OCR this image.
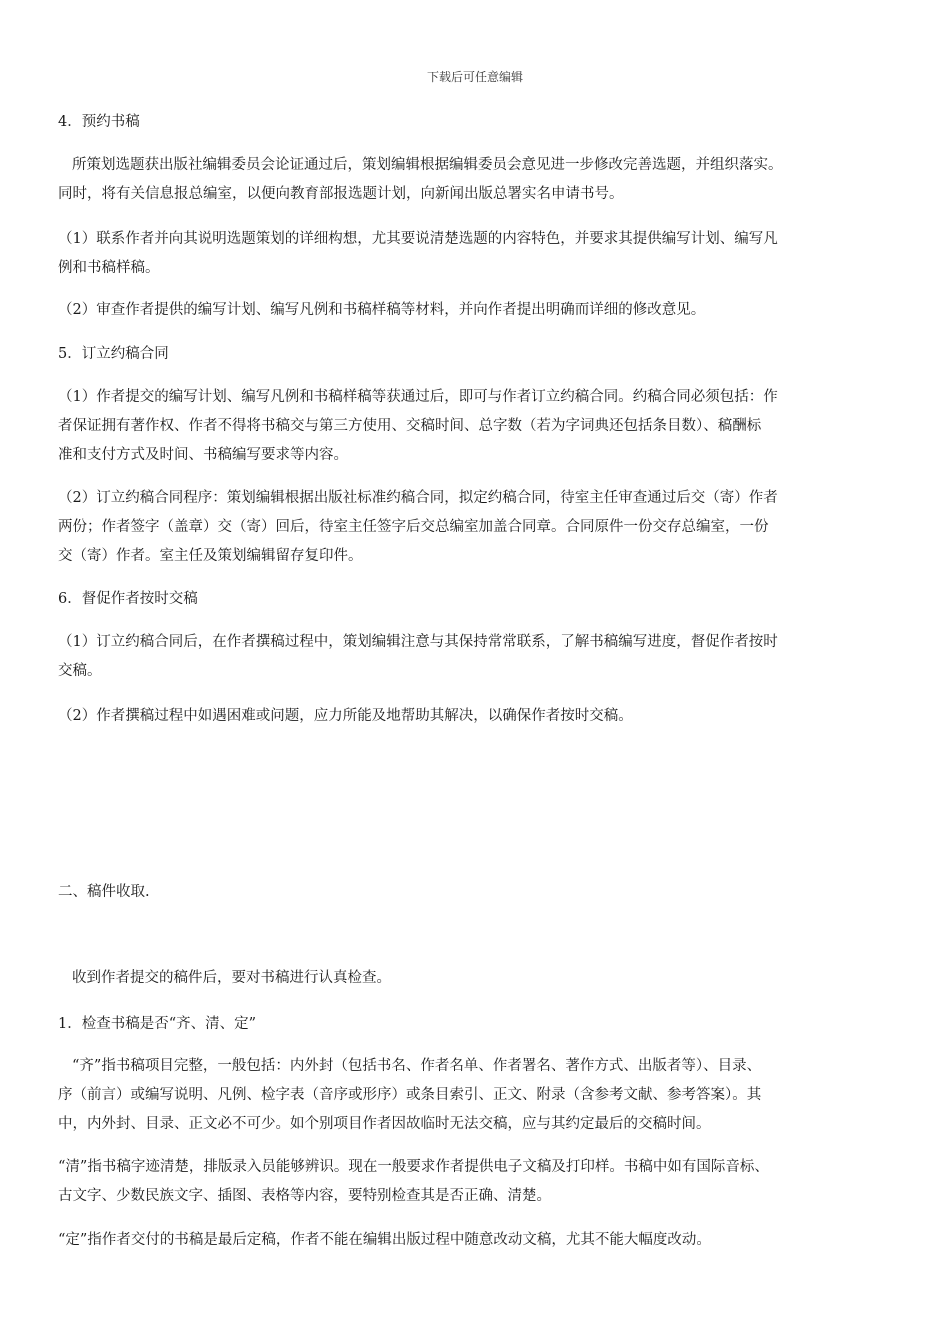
下载后可任意编辑
4．预约书稿
所策划选题获出版社编辑委员会论证通过后，策划编辑根据编辑委员会意见进一步修改完善选题，并组织落实。
同时，将有关信息报总编室，以便向教育部报选题计划，向新闻出版总署实名申请书号。
（1）联系作者并向其说明选题策划的详细构想，尤其要说清楚选题的内容特色，并要求其提供编写计划、编写凡
例和书稿样稿。
（2）审查作者提供的编写计划、编写凡例和书稿样稿等材料，并向作者提出明确而详细的修改意见。
5．订立约稿合同
（1）作者提交的编写计划、编写凡例和书稿样稿等获通过后，即可与作者订立约稿合同。约稿合同必须包括：作
者保证拥有著作权、作者不得将书稿交与第三方使用、交稿时间、总字数（若为字词典还包括条目数）、稿酬标
准和支付方式及时间、书稿编写要求等内容。
（2）订立约稿合同程序：策划编辑根据出版社标准约稿合同，拟定约稿合同，待室主任审查通过后交（寄）作者
两份；作者签字（盖章）交（寄）回后，待室主任签字后交总编室加盖合同章。合同原件一份交存总编室，一份
交（寄）作者。室主任及策划编辑留存复印件。
6．督促作者按时交稿
（1）订立约稿合同后，在作者撰稿过程中，策划编辑注意与其保持常常联系，了解书稿编写进度，督促作者按时
交稿。
（2）作者撰稿过程中如遇困难或问题，应力所能及地帮助其解决，以确保作者按时交稿。
二、稿件收取.
收到作者提交的稿件后，要对书稿进行认真检查。
1．检查书稿是否“齐、清、定”
“齐”指书稿项目完整，一般包括：内外封（包括书名、作者名单、作者署名、著作方式、出版者等）、目录、
序（前言）或编写说明、凡例、检字表（音序或形序）或条目索引、正文、附录（含参考文献、参考答案）。其
中，内外封、目录、正文必不可少。如个别项目作者因故临时无法交稿，应与其约定最后的交稿时间。
“清”指书稿字迹清楚，排版录入员能够辨识。现在一般要求作者提供电子文稿及打印样。书稿中如有国际音标、
古文字、少数民族文字、插图、表格等内容，要特别检查其是否正确、清楚。
“定”指作者交付的书稿是最后定稿，作者不能在编辑出版过程中随意改动文稿，尤其不能大幅度改动。
